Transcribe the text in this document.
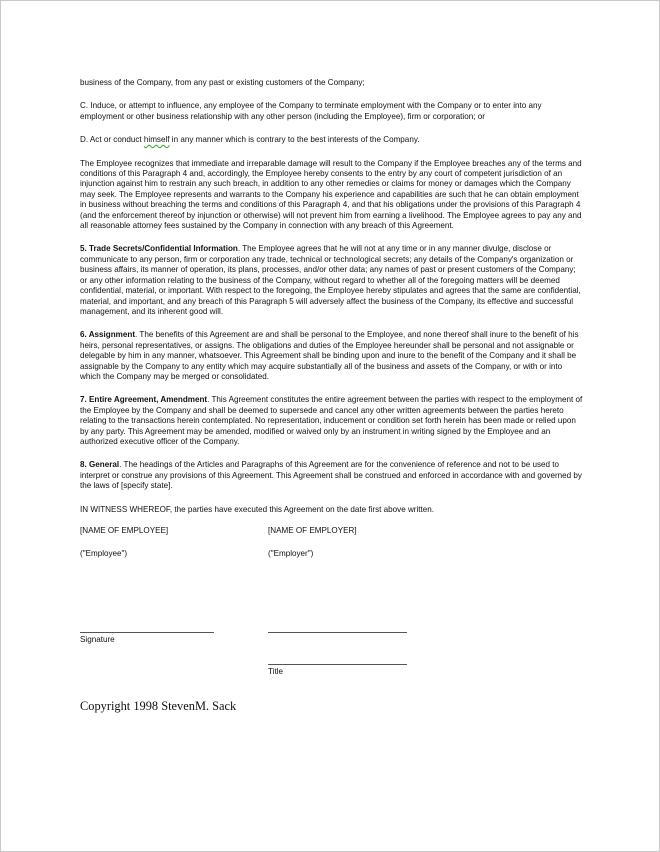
business of the Company, from any past or existing customers of the Company;

C. Induce, or attempt to influence, any employee of the Company to terminate employment with the Company or to enter into any employment or other business relationship with any other person (including the Employee), firm or corporation; or

D. Act or conduct himself in any manner which is contrary to the best interests of the Company.

The Employee recognizes that immediate and irreparable damage will result to the Company if the Employee breaches any of the terms and conditions of this Paragraph 4 and, accordingly, the Employee hereby consents to the entry by any court of competent jurisdiction of an injunction against him to restrain any such breach, in addition to any other remedies or claims for money or damages which the Company may seek. The Employee represents and warrants to the Company his experience and capabilities are such that he can obtain employment in business without breaching the terms and conditions of this Paragraph 4, and that his obligations under the provisions of this Paragraph 4 (and the enforcement thereof by injunction or otherwise) will not prevent him from earning a livelihood. The Employee agrees to pay any and all reasonable attorney fees sustained by the Company in connection with any breach of this Agreement.

5. Trade Secrets/Confidential Information. The Employee agrees that he will not at any time or in any manner divulge, disclose or communicate to any person, firm or corporation any trade, technical or technological secrets; any details of the Company's organization or business affairs, its manner of operation, its plans, processes, and/or other data; any names of past or present customers of the Company; or any other information relating to the business of the Company, without regard to whether all of the foregoing matters will be deemed confidential, material, or important. With respect to the foregoing, the Employee hereby stipulates and agrees that the same are confidential, material, and important, and any breach of this Paragraph 5 will adversely affect the business of the Company, its effective and successful management, and its inherent good will.

6. Assignment. The benefits of this Agreement are and shall be personal to the Employee, and none thereof shall inure to the benefit of his heirs, personal representatives, or assigns. The obligations and duties of the Employee hereunder shall be personal and not assignable or delegable by him in any manner, whatsoever. This Agreement shall be binding upon and inure to the benefit of the Company and it shall be assignable by the Company to any entity which may acquire substantially all of the business and assets of the Company, or with or into which the Company may be merged or consolidated.

7. Entire Agreement, Amendment. This Agreement constitutes the entire agreement between the parties with respect to the employment of the Employee by the Company and shall be deemed to supersede and cancel any other written agreements between the parties hereto relating to the transactions herein contemplated. No representation, inducement or condition set forth herein has been made or relied upon by any party. This Agreement may be amended, modified or waived only by an instrument in writing signed by the Employee and an authorized executive officer of the Company.

8. General. The headings of the Articles and Paragraphs of this Agreement are for the convenience of reference and not to be used to interpret or construe any provisions of this Agreement. This Agreement shall be construed and enforced in accordance with and governed by the laws of [specify state].

IN WITNESS WHEREOF, the parties have executed this Agreement on the date first above written.

[NAME OF EMPLOYEE]	[NAME OF EMPLOYER]
("Employee")	("Employer")
Signature
Title
Copyright 1998 StevenM. Sack
